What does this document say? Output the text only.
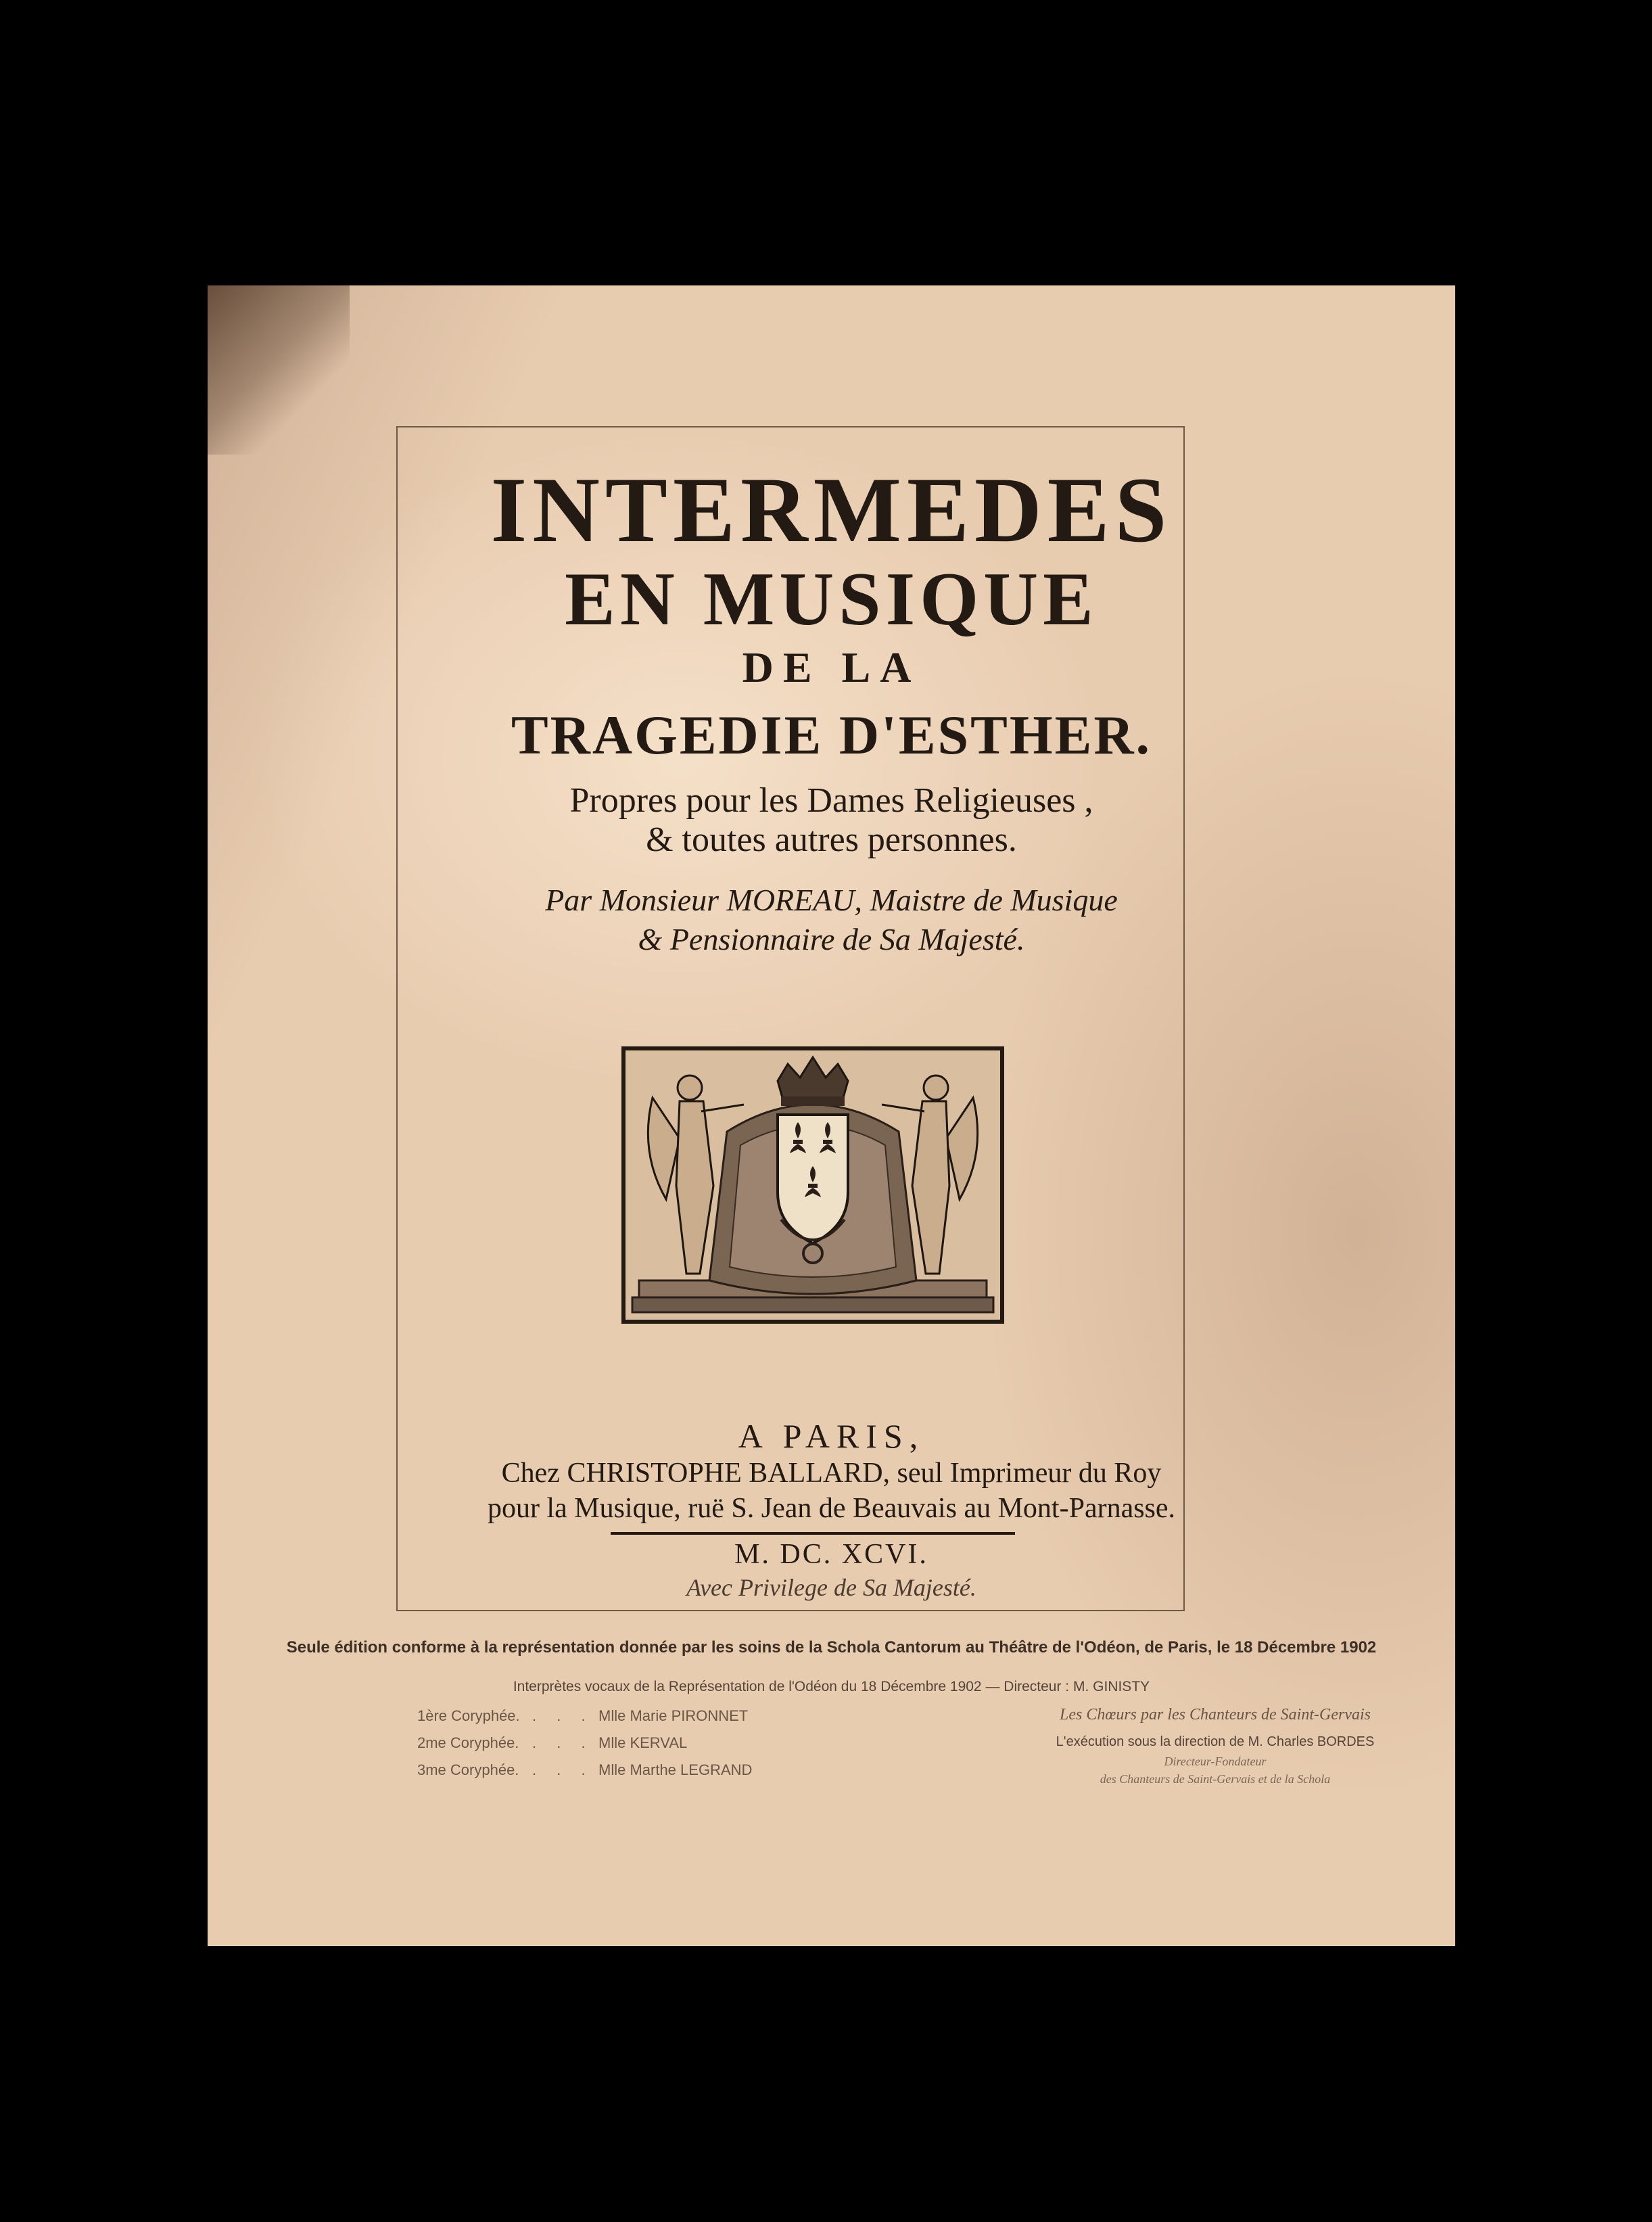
INTERMEDES
EN MUSIQUE
DE LA
TRAGEDIE D'ESTHER.
Propres pour les Dames Religieuses ,
& toutes autres personnes.
Par Monsieur MOREAU, Maistre de Musique
& Pensionnaire de Sa Majesté.
A PARIS,
Chez CHRISTOPHE BALLARD, seul Imprimeur du Roy
pour la Musique, ruë S. Jean de Beauvais au Mont-Parnasse.
M. DC. XCVI.
Avec Privilege de Sa Majesté.
Seule édition conforme à la représentation donnée par les soins de la Schola Cantorum au Théâtre de l'Odéon, de Paris, le 18 Décembre 1902
Interprètes vocaux de la Représentation de l'Odéon du 18 Décembre 1902 — Directeur : M. GINISTY
1ère Coryphée. . . . Mlle Marie PIRONNET
2me Coryphée. . . . Mlle KERVAL
3me Coryphée. . . . Mlle Marthe LEGRAND
Les Chœurs par les Chanteurs de Saint-Gervais
L'exécution sous la direction de M. Charles BORDES
Directeur-Fondateur
des Chanteurs de Saint-Gervais et de la Schola
